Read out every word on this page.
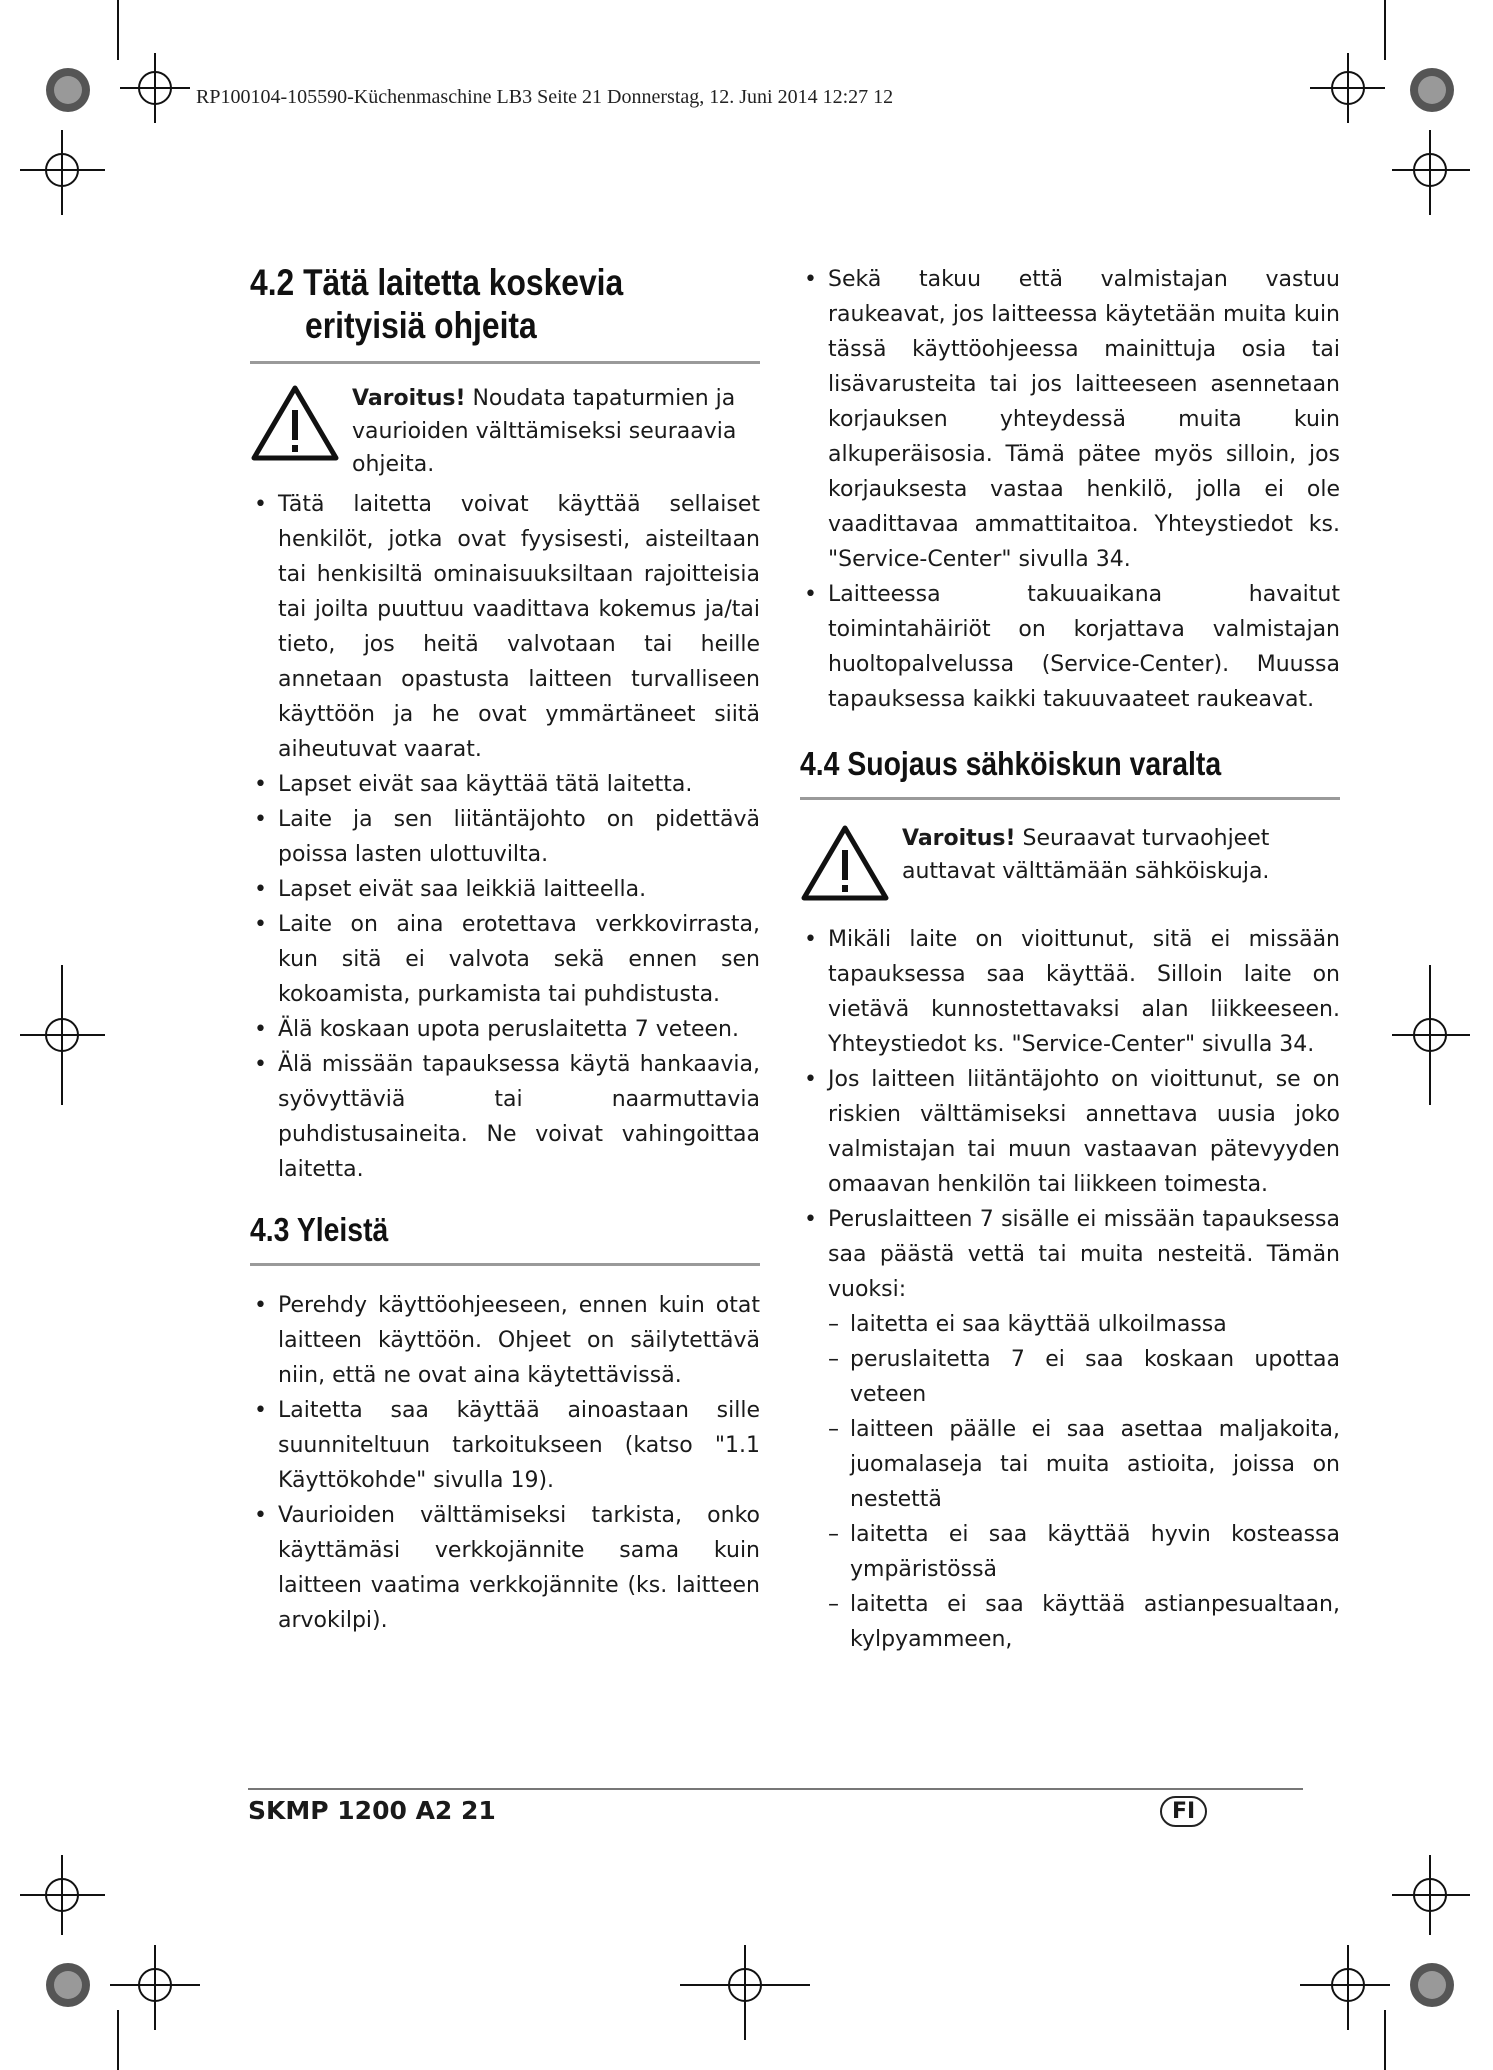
RP100104-105590-Küchenmaschine LB3 Seite 21 Donnerstag, 12. Juni 2014 12:27 12
4.2 Tätä laitetta koskevia
erityisiä ohjeita
Varoitus! Noudata tapaturmien ja vaurioiden välttämiseksi seuraavia ohjeita.
• Tätä laitetta voivat käyttää sellaiset henkilöt, jotka ovat fyysisesti, aisteiltaan tai henkisiltä ominaisuuksiltaan rajoitteisia tai joilta puuttuu vaadittava kokemus ja/tai tieto, jos heitä valvotaan tai heille annetaan opastusta laitteen turvalliseen käyttöön ja he ovat ymmärtäneet siitä aiheutuvat vaarat.
• Lapset eivät saa käyttää tätä laitetta.
• Laite ja sen liitäntäjohto on pidettävä poissa lasten ulottuvilta.
• Lapset eivät saa leikkiä laitteella.
• Laite on aina erotettava verkkovirrasta, kun sitä ei valvota sekä ennen sen kokoamista, purkamista tai puhdistusta.
• Älä koskaan upota peruslaitetta 7 veteen.
• Älä missään tapauksessa käytä hankaavia, syövyttäviä tai naarmuttavia puhdistusaineita. Ne voivat vahingoittaa laitetta.
4.3 Yleistä
• Perehdy käyttöohjeeseen, ennen kuin otat laitteen käyttöön. Ohjeet on säilytettävä niin, että ne ovat aina käytettävissä.
• Laitetta saa käyttää ainoastaan sille suunniteltuun tarkoitukseen (katso "1.1 Käyttökohde" sivulla 19).
• Vaurioiden välttämiseksi tarkista, onko käyttämäsi verkkojännite sama kuin laitteen vaatima verkkojännite (ks. laitteen arvokilpi).
• Sekä takuu että valmistajan vastuu raukeavat, jos laitteessa käytetään muita kuin tässä käyttöohjeessa mainittuja osia tai lisävarusteita tai jos laitteeseen asennetaan korjauksen yhteydessä muita kuin alkuperäisosia. Tämä pätee myös silloin, jos korjauksesta vastaa henkilö, jolla ei ole vaadittavaa ammattitaitoa. Yhteystiedot ks. "Service-Center" sivulla 34.
• Laitteessa takuuaikana havaitut toimintahäiriöt on korjattava valmistajan huoltopalvelussa (Service-Center). Muussa tapauksessa kaikki takuuvaateet raukeavat.
4.4 Suojaus sähköiskun varalta
Varoitus! Seuraavat turvaohjeet auttavat välttämään sähköiskuja.
• Mikäli laite on vioittunut, sitä ei missään tapauksessa saa käyttää. Silloin laite on vietävä kunnostettavaksi alan liikkeeseen. Yhteystiedot ks. "Service-Center" sivulla 34.
• Jos laitteen liitäntäjohto on vioittunut, se on riskien välttämiseksi annettava uusia joko valmistajan tai muun vastaavan pätevyyden omaavan henkilön tai liikkeen toimesta.
• Peruslaitteen 7 sisälle ei missään tapauksessa saa päästä vettä tai muita nesteitä. Tämän vuoksi:
– laitetta ei saa käyttää ulkoilmassa
– peruslaitetta 7 ei saa koskaan upottaa veteen
– laitteen päälle ei saa asettaa maljakoita, juomalaseja tai muita astioita, joissa on nestettä
– laitetta ei saa käyttää hyvin kosteassa ympäristössä
– laitetta ei saa käyttää astianpesualtaan, kylpyammeen,
SKMP 1200 A2 21	FI
